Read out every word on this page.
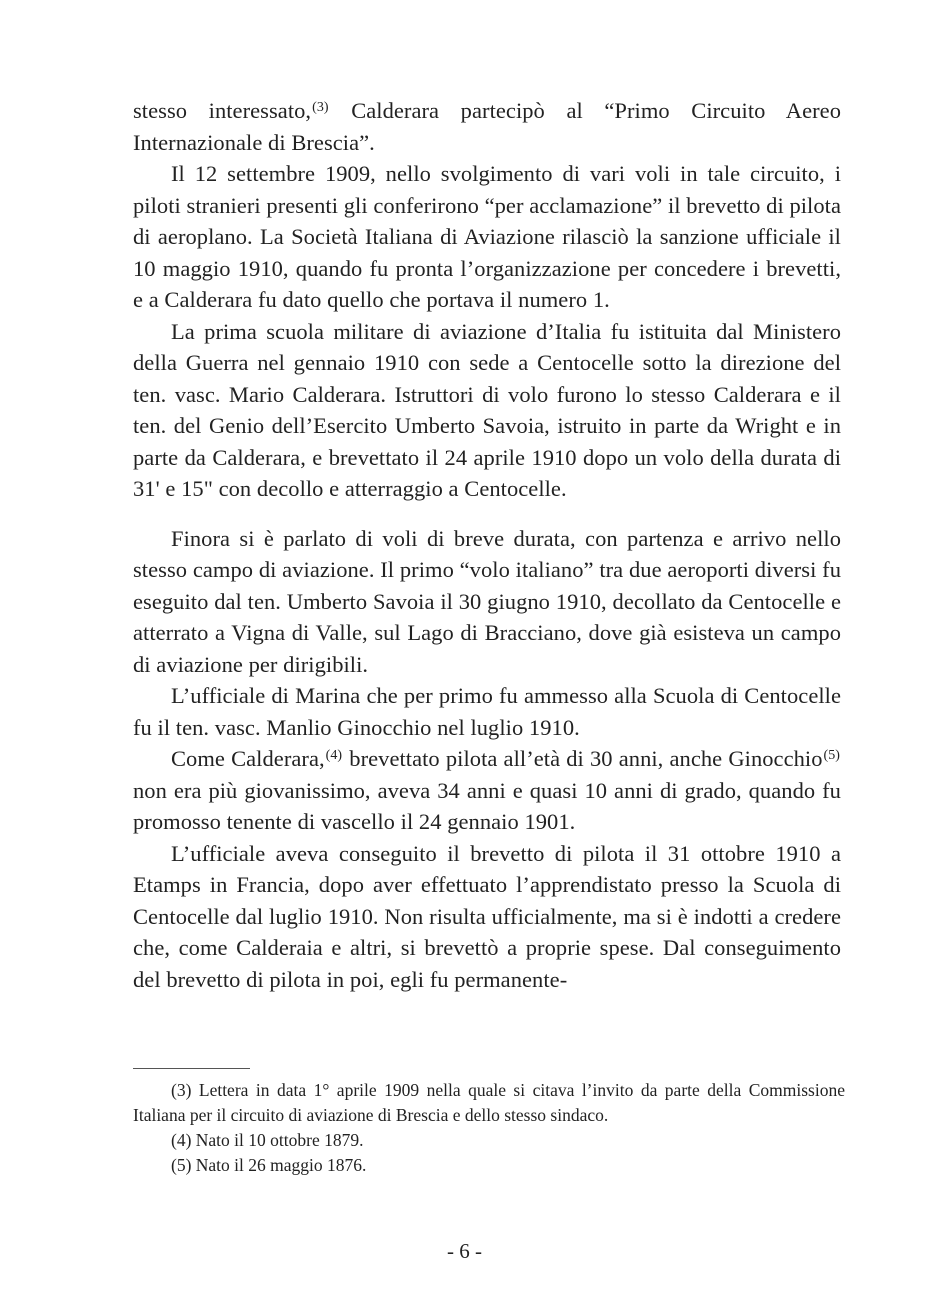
stesso interessato,$^{(3)}$ Calderara partecipò al “Primo Circuito Aereo Internazionale di Brescia”.

Il 12 settembre 1909, nello svolgimento di vari voli in tale circuito, i piloti stranieri presenti gli conferirono “per acclamazione” il brevetto di pilota di aeroplano. La Società Italiana di Aviazione rilasciò la sanzione ufficiale il 10 maggio 1910, quando fu pronta l’organizzazione per concedere i brevetti, e a Calderara fu dato quello che portava il numero 1.

La prima scuola militare di aviazione d’Italia fu istituita dal Ministero della Guerra nel gennaio 1910 con sede a Centocelle sotto la direzione del ten. vasc. Mario Calderara. Istruttori di volo furono lo stesso Calderara e il ten. del Genio dell’Esercito Umberto Savoia, istruito in parte da Wright e in parte da Calderara, e brevettato il 24 aprile 1910 dopo un volo della durata di 31' e 15" con decollo e atterraggio a Centocelle.

Finora si è parlato di voli di breve durata, con partenza e arrivo nello stesso campo di aviazione. Il primo “volo italiano” tra due aeroporti diversi fu eseguito dal ten. Umberto Savoia il 30 giugno 1910, decollato da Centocelle e atterrato a Vigna di Valle, sul Lago di Bracciano, dove già esisteva un campo di aviazione per dirigibili.

L’ufficiale di Marina che per primo fu ammesso alla Scuola di Centocelle fu il ten. vasc. Manlio Ginocchio nel luglio 1910.

Come Calderara,$^{(4)}$ brevettato pilota all’età di 30 anni, anche Ginocchio$^{(5)}$ non era più giovanissimo, aveva 34 anni e quasi 10 anni di grado, quando fu promosso tenente di vascello il 24 gennaio 1901.

L’ufficiale aveva conseguito il brevetto di pilota il 31 ottobre 1910 a Etamps in Francia, dopo aver effettuato l’apprendistato presso la Scuola di Centocelle dal luglio 1910. Non risulta ufficialmente, ma si è indotti a credere che, come Calderaia e altri, si brevettò a proprie spese. Dal conseguimento del brevetto di pilota in poi, egli fu permanente-

(3) Lettera in data 1° aprile 1909 nella quale si citava l’invito da parte della Commissione Italiana per il circuito di aviazione di Brescia e dello stesso sindaco.

(4) Nato il 10 ottobre 1879.

(5) Nato il 26 maggio 1876.

- 6 -
